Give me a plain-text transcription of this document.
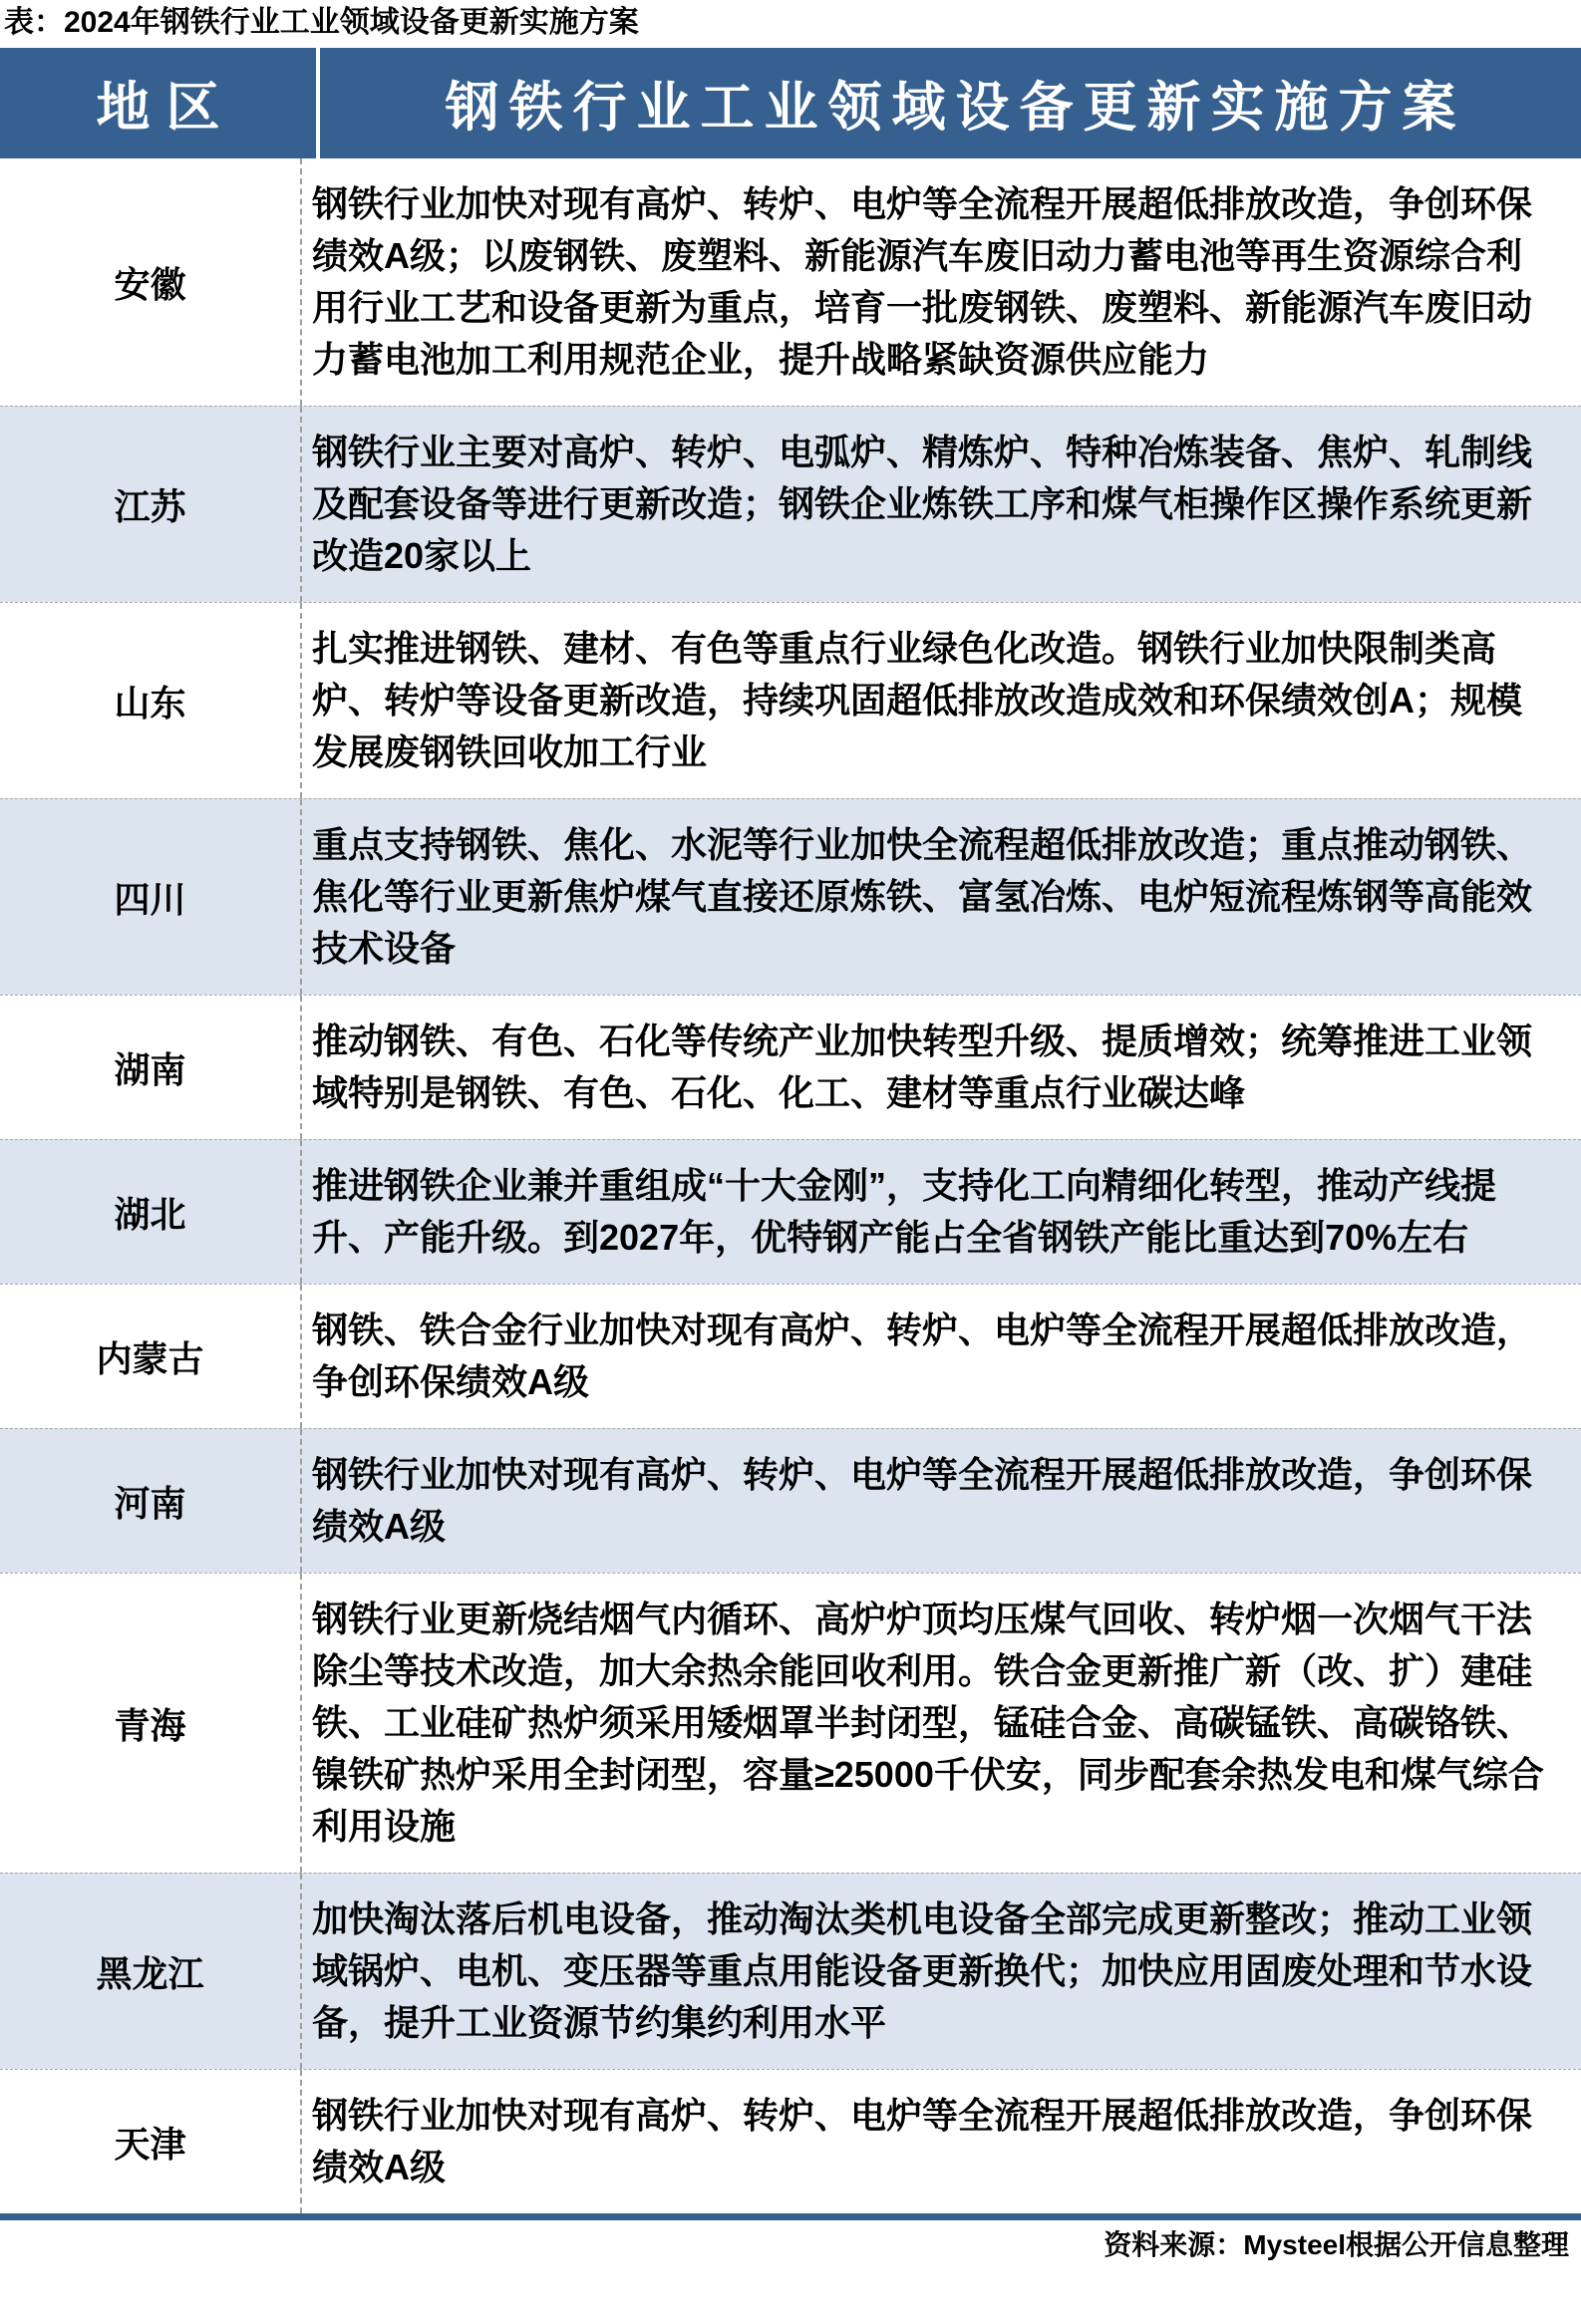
表：2024年钢铁行业工业领域设备更新实施方案
地区	钢铁行业工业领域设备更新实施方案
安徽
钢铁行业加快对现有高炉、转炉、电炉等全流程开展超低排放改造，争创环保绩效A级；以废钢铁、废塑料、新能源汽车废旧动力蓄电池等再生资源综合利用行业工艺和设备更新为重点，培育一批废钢铁、废塑料、新能源汽车废旧动力蓄电池加工利用规范企业，提升战略紧缺资源供应能力
江苏
钢铁行业主要对高炉、转炉、电弧炉、精炼炉、特种冶炼装备、焦炉、轧制线及配套设备等进行更新改造；钢铁企业炼铁工序和煤气柜操作区操作系统更新改造20家以上
山东
扎实推进钢铁、建材、有色等重点行业绿色化改造。钢铁行业加快限制类高炉、转炉等设备更新改造，持续巩固超低排放改造成效和环保绩效创A；规模发展废钢铁回收加工行业
四川
重点支持钢铁、焦化、水泥等行业加快全流程超低排放改造；重点推动钢铁、焦化等行业更新焦炉煤气直接还原炼铁、富氢冶炼、电炉短流程炼钢等高能效技术设备
湖南
推动钢铁、有色、石化等传统产业加快转型升级、提质增效；统筹推进工业领域特别是钢铁、有色、石化、化工、建材等重点行业碳达峰
湖北
推进钢铁企业兼并重组成“十大金刚”，支持化工向精细化转型，推动产线提升、产能升级。到2027年，优特钢产能占全省钢铁产能比重达到70%左右
内蒙古
钢铁、铁合金行业加快对现有高炉、转炉、电炉等全流程开展超低排放改造，争创环保绩效A级
河南
钢铁行业加快对现有高炉、转炉、电炉等全流程开展超低排放改造，争创环保绩效A级
青海
钢铁行业更新烧结烟气内循环、高炉炉顶均压煤气回收、转炉烟一次烟气干法除尘等技术改造，加大余热余能回收利用。铁合金更新推广新（改、扩）建硅铁、工业硅矿热炉须采用矮烟罩半封闭型，锰硅合金、高碳锰铁、高碳铬铁、镍铁矿热炉采用全封闭型，容量≥25000千伏安，同步配套余热发电和煤气综合利用设施
黑龙江
加快淘汰落后机电设备，推动淘汰类机电设备全部完成更新整改；推动工业领域锅炉、电机、变压器等重点用能设备更新换代；加快应用固废处理和节水设备，提升工业资源节约集约利用水平
天津
钢铁行业加快对现有高炉、转炉、电炉等全流程开展超低排放改造，争创环保绩效A级
资料来源：Mysteel根据公开信息整理
